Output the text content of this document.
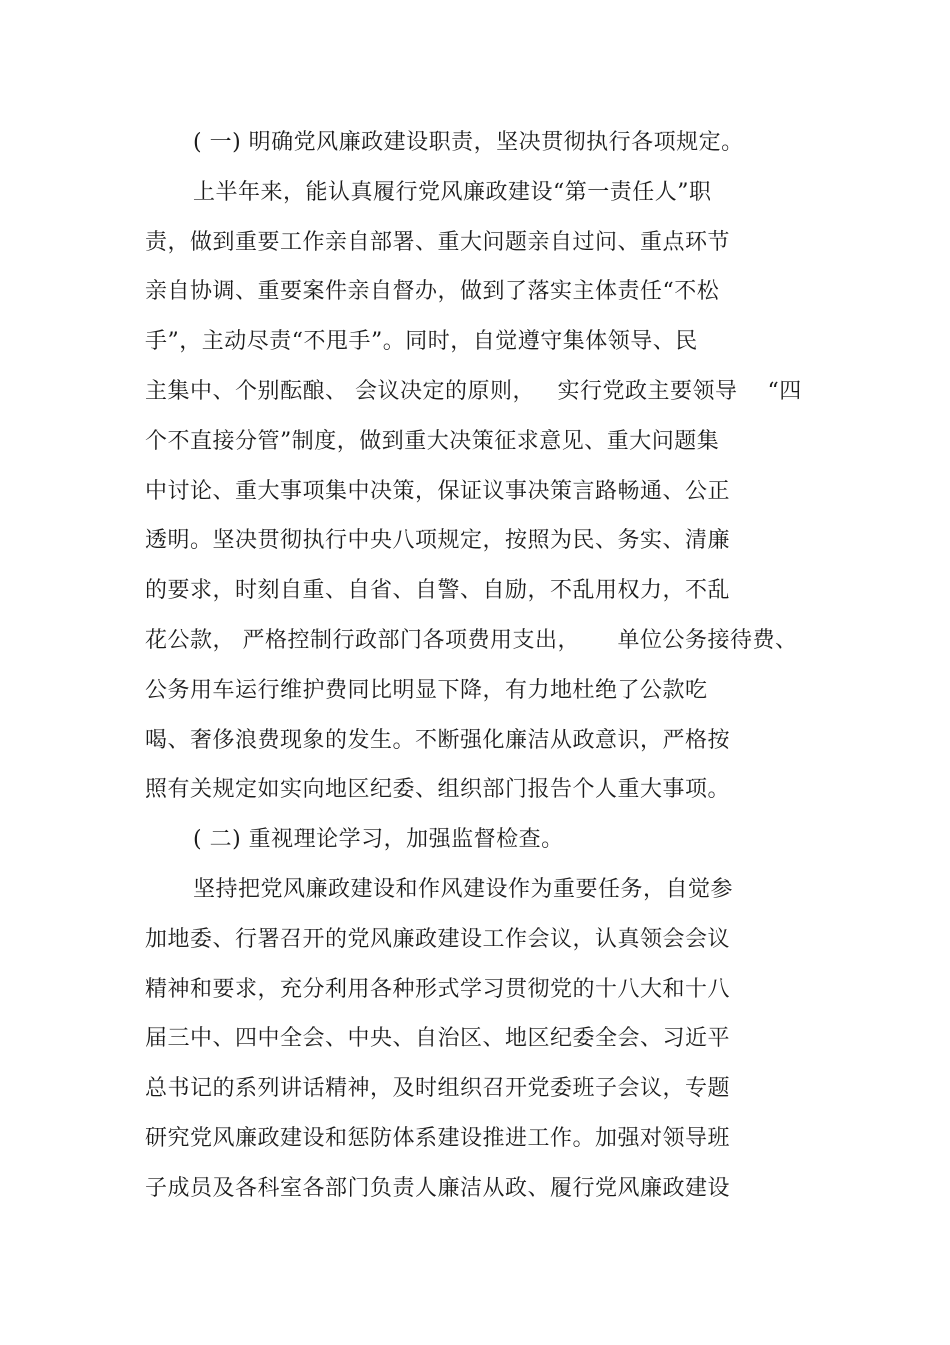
( 一) 明确党风廉政建设职责，坚决贯彻执行各项规定。
上半年来，能认真履行党风廉政建设“第一责任人”职
责，做到重要工作亲自部署、重大问题亲自过问、重点环节
亲自协调、重要案件亲自督办，做到了落实主体责任“不松
手”，主动尽责“不甩手”。同时，自觉遵守集体领导、民
主集中、个别酝酿、 会议决定的原则，   实行党政主要领导    “四
个不直接分管”制度，做到重大决策征求意见、重大问题集
中讨论、重大事项集中决策，保证议事决策言路畅通、公正
透明。坚决贯彻执行中央八项规定，按照为民、务实、清廉
的要求，时刻自重、自省、自警、自励，不乱用权力，不乱
花公款， 严格控制行政部门各项费用支出，     单位公务接待费、
公务用车运行维护费同比明显下降，有力地杜绝了公款吃
喝、奢侈浪费现象的发生。不断强化廉洁从政意识，严格按
照有关规定如实向地区纪委、组织部门报告个人重大事项。
( 二) 重视理论学习，加强监督检查。
坚持把党风廉政建设和作风建设作为重要任务，自觉参
加地委、行署召开的党风廉政建设工作会议，认真领会会议
精神和要求，充分利用各种形式学习贯彻党的十八大和十八
届三中、四中全会、中央、自治区、地区纪委全会、习近平
总书记的系列讲话精神，及时组织召开党委班子会议，专题
研究党风廉政建设和惩防体系建设推进工作。加强对领导班
子成员及各科室各部门负责人廉洁从政、履行党风廉政建设
